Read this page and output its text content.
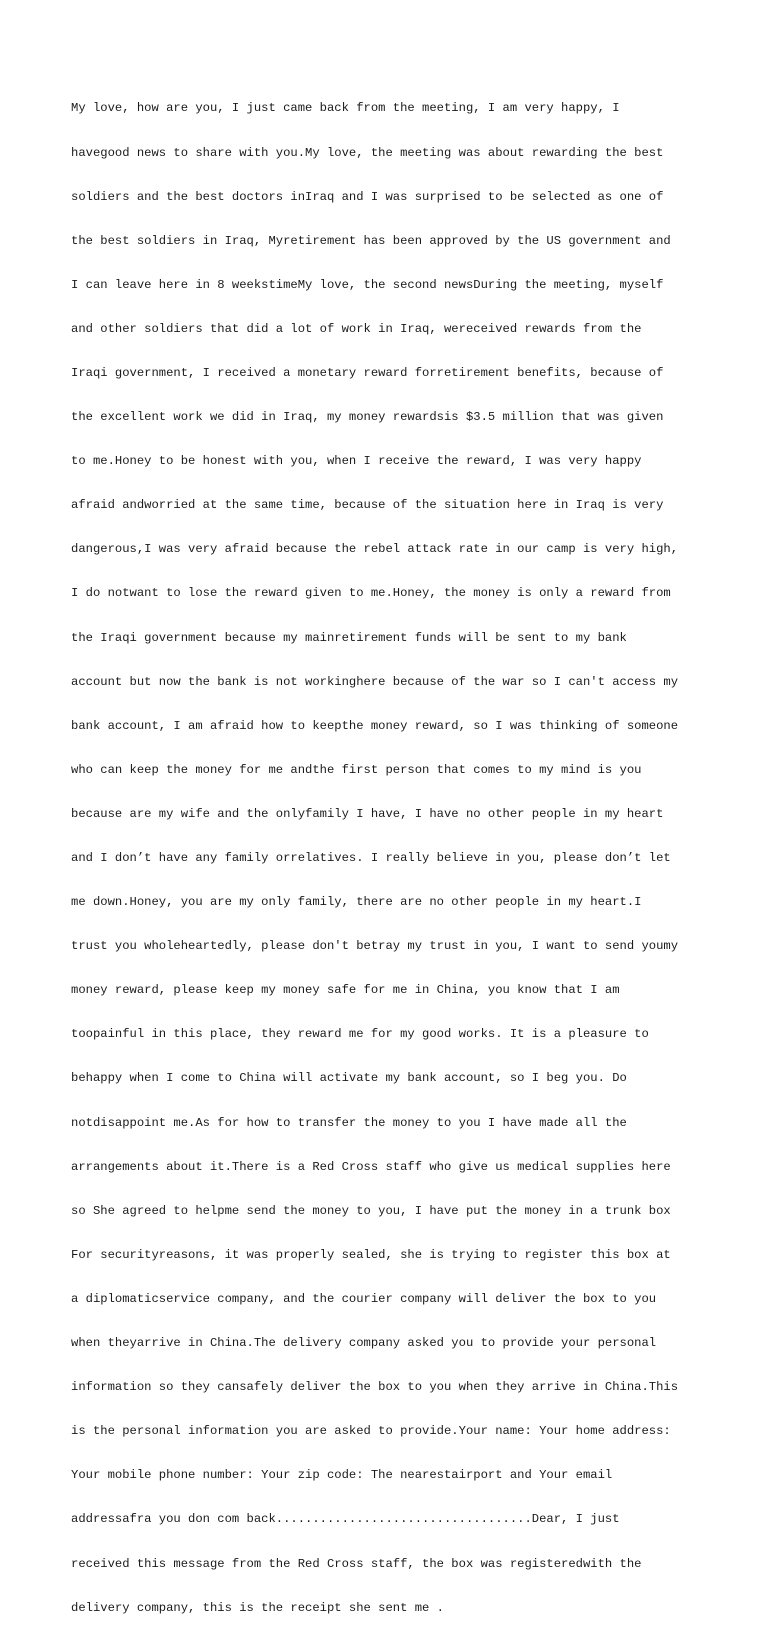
My love, how are you, I just came back from the meeting, I am very happy, I

havegood news to share with you.My love, the meeting was about rewarding the best

soldiers and the best doctors inIraq and I was surprised to be selected as one of

the best soldiers in Iraq, Myretirement has been approved by the US government and

I can leave here in 8 weekstimeMy love, the second newsDuring the meeting, myself

and other soldiers that did a lot of work in Iraq, wereceived rewards from the

Iraqi government, I received a monetary reward forretirement benefits, because of

the excellent work we did in Iraq, my money rewardsis $3.5 million that was given

to me.Honey to be honest with you, when I receive the reward, I was very happy

afraid andworried at the same time, because of the situation here in Iraq is very

dangerous,I was very afraid because the rebel attack rate in our camp is very high,

I do notwant to lose the reward given to me.Honey, the money is only a reward from

the Iraqi government because my mainretirement funds will be sent to my bank

account but now the bank is not workinghere because of the war so I can't access my

bank account, I am afraid how to keepthe money reward, so I was thinking of someone

who can keep the money for me andthe first person that comes to my mind is you

because are my wife and the onlyfamily I have, I have no other people in my heart

and I don’t have any family orrelatives. I really believe in you, please don’t let

me down.Honey, you are my only family, there are no other people in my heart.I

trust you wholeheartedly, please don't betray my trust in you, I want to send youmy

money reward, please keep my money safe for me in China, you know that I am

toopainful in this place, they reward me for my good works. It is a pleasure to

behappy when I come to China will activate my bank account, so I beg you. Do

notdisappoint me.As for how to transfer the money to you I have made all the

arrangements about it.There is a Red Cross staff who give us medical supplies here

so She agreed to helpme send the money to you, I have put the money in a trunk box

For securityreasons, it was properly sealed, she is trying to register this box at

a diplomaticservice company, and the courier company will deliver the box to you

when theyarrive in China.The delivery company asked you to provide your personal

information so they cansafely deliver the box to you when they arrive in China.This

is the personal information you are asked to provide.Your name: Your home address:

Your mobile phone number: Your zip code: The nearestairport and Your email

addressafra you don com back...................................Dear, I just

received this message from the Red Cross staff, the box was registeredwith the

delivery company, this is the receipt she sent me .
